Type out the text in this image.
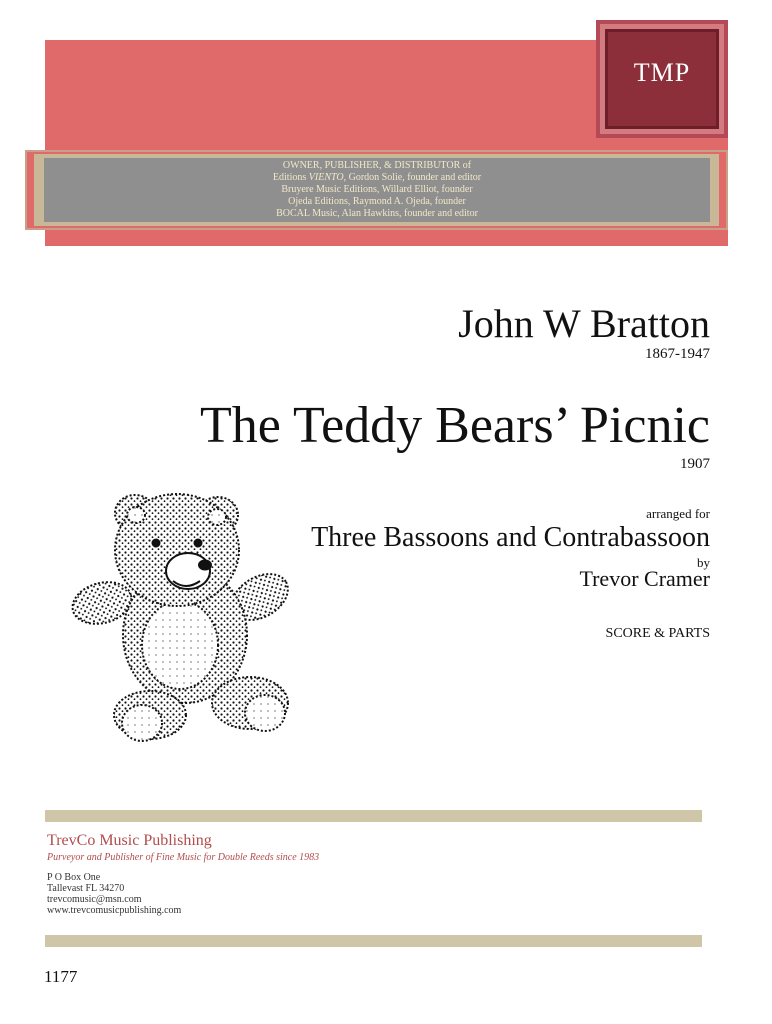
TMP
OWNER, PUBLISHER, & DISTRIBUTOR of
Editions VIENTO, Gordon Solie, founder and editor
Bruyere Music Editions, Willard Elliot, founder
Ojeda Editions, Raymond A. Ojeda, founder
BOCAL Music, Alan Hawkins, founder and editor
John W Bratton
1867-1947
The Teddy Bears’ Picnic
1907
arranged for
Three Bassoons and Contrabassoon
by
Trevor Cramer
SCORE & PARTS
TrevCo Music Publishing
Purveyor and Publisher of Fine Music for Double Reeds since 1983
P O Box One
Tallevast FL 34270
trevcomusic@msn.com
www.trevcomusicpublishing.com
1177
